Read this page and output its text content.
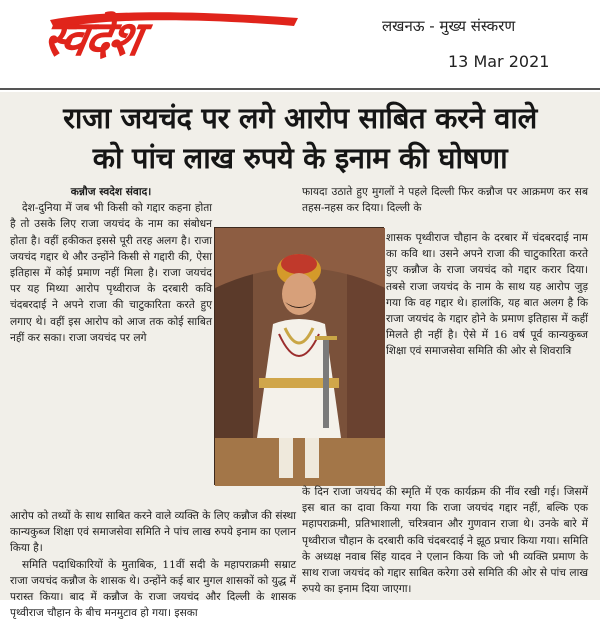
स्वदेश	लखनऊ - मुख्य संस्करण
13 Mar 2021
राजा जयचंद पर लगे आरोप साबित करने वाले
को पांच लाख रुपये के इनाम की घोषणा

कन्नौज स्वदेश संवाद।

देश-दुनिया में जब भी किसी को गद्दार कहना होता है तो उसके लिए राजा जयचंद के नाम का संबोधन होता है। वहीं हकीकत इससे पूरी तरह अलग है। राजा जयचंद गद्दार थे और उन्होंने किसी से गद्दारी की, ऐसा इतिहास में कोई प्रमाण नहीं मिला है। राजा जयचंद पर यह मिथ्या आरोप पृथ्वीराज के दरबारी कवि चंदबरदाई ने अपने राजा की चाटुकारिता करते हुए लगाए थे। वहीं इस आरोप को आज तक कोई साबित नहीं कर सका। राजा जयचंद पर लगे

फायदा उठाते हुए मुगलों ने पहले दिल्ली फिर कन्नौज पर आक्रमण कर सब तहस-नहस कर दिया। दिल्ली के

शासक पृथ्वीराज चौहान के दरबार में चंदबरदाई नाम का कवि था। उसने अपने राजा की चाटुकारिता करते हुए कन्नौज के राजा जयचंद को गद्दार करार दिया। तबसे राजा जयचंद के नाम के साथ यह आरोप जुड़ गया कि वह गद्दार थे। हालांकि, यह बात अलग है कि राजा जयचंद के गद्दार होने के प्रमाण इतिहास में कहीं मिलते ही नहीं है। ऐसे में 16 वर्ष पूर्व कान्यकुब्ज शिक्षा एवं समाजसेवा समिति की ओर से शिवरात्रि

आरोप को तथ्यों के साथ साबित करने वाले व्यक्ति के लिए कन्नौज की संस्था कान्यकुब्ज शिक्षा एवं समाजसेवा समिति ने पांच लाख रुपये इनाम का एलान किया है।

समिति पदाधिकारियों के मुताबिक, 11वीं सदी के महापराक्रमी सम्राट राजा जयचंद कन्नौज के शासक थे। उन्होंने कई बार मुगल शासकों को युद्ध में परास्त किया। बाद में कन्नौज के राजा जयचंद और दिल्ली के शासक पृथ्वीराज चौहान के बीच मनमुटाव हो गया। इसका

के दिन राजा जयचंद की स्मृति में एक कार्यक्रम की नींव रखी गई। जिसमें इस बात का दावा किया गया कि राजा जयचंद गद्दार नहीं, बल्कि एक महापराक्रमी, प्रतिभाशाली, चरित्रवान और गुणवान राजा थे। उनके बारे में पृथ्वीराज चौहान के दरबारी कवि चंदबरदाई ने झूठ प्रचार किया गया। समिति के अध्यक्ष नवाब सिंह यादव ने एलान किया कि जो भी व्यक्ति प्रमाण के साथ राजा जयचंद को गद्दार साबित करेगा उसे समिति की ओर से पांच लाख रुपये का इनाम दिया जाएगा।
